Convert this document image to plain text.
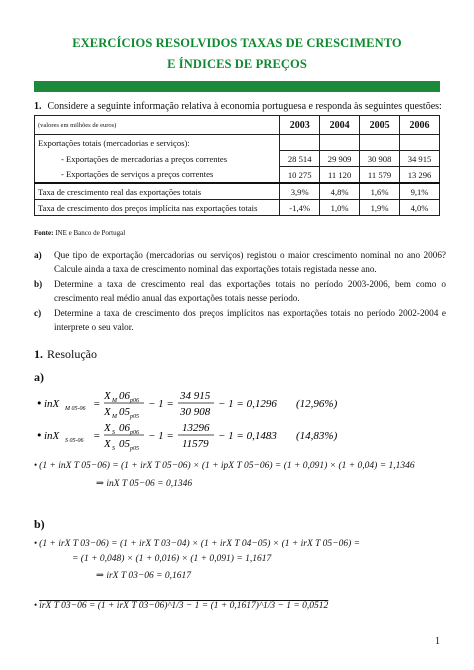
EXERCÍCIOS RESOLVIDOS TAXAS DE CRESCIMENTO
E ÍNDICES DE PREÇOS
1. Considere a seguinte informação relativa à economia portuguesa e responda às seguintes questões:
(valores em milhões de euros)	2003	2004	2005	2006
Exportações totais (mercadorias e serviços):				
- Exportações de mercadorias a preços correntes	28 514	29 909	30 908	34 915
- Exportações de serviços a preços correntes	10 275	11 120	11 579	13 296
Taxa de crescimento real das exportações totais	3,9%	4,8%	1,6%	9,1%
Taxa de crescimento dos preços implícita nas exportações totais	-1,4%	1,0%	1,9%	4,0%
Fonte: INE e Banco de Portugal
a) Que tipo de exportação (mercadorias ou serviços) registou o maior crescimento nominal no ano 2006? Calcule ainda a taxa de crescimento nominal das exportações totais registada nesse ano.
b) Determine a taxa de crescimento real das exportações totais no período 2003-2006, bem como o crescimento real médio anual das exportações totais nesse período.
c) Determine a taxa de crescimento dos preços implícitos nas exportações totais no período 2002-2004 e interprete o seu valor.
1. Resolução
a)
• inX M 05-06 =
X M 06 p06
X M 05 p05
− 1 =
34 915
30 908
− 1 = 0,1296 (12,96%)
• inX S 05-06 =
X S 06 p06
X S 05 p05
− 1 =
13296
11579
− 1 = 0,1483 (14,83%)
• (1 + inX T 05−06) = (1 + irX T 05−06) × (1 + ipX T 05−06) = (1 + 0,091) × (1 + 0,04) = 1,1346
⇒ inX T 05−06 = 0,1346
b)
• (1 + irX T 03−06) = (1 + irX T 03−04) × (1 + irX T 04−05) × (1 + irX T 05−06) =
= (1 + 0,048) × (1 + 0,016) × (1 + 0,091) = 1,1617
⇒ irX T 03−06 = 0,1617
• irX T 03−06 = (1 + irX T 03−06)^1/3 − 1 = (1 + 0,1617)^1/3 − 1 = 0,0512
1
